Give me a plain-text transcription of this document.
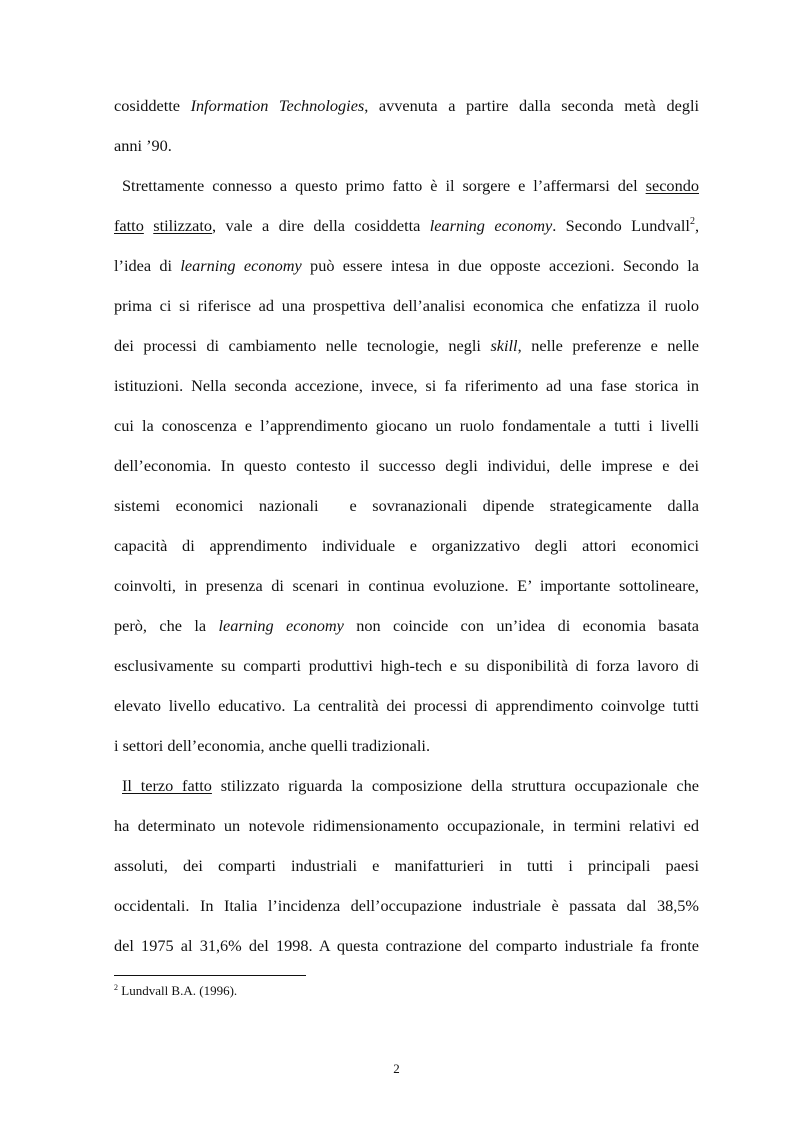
cosiddette Information Technologies, avvenuta a partire dalla seconda metà degli
anni ’90.
Strettamente connesso a questo primo fatto è il sorgere e l’affermarsi del secondo
fatto stilizzato, vale a dire della cosiddetta learning economy. Secondo Lundvall$^2$,
l’idea di learning economy può essere intesa in due opposte accezioni. Secondo la
prima ci si riferisce ad una prospettiva dell’analisi economica che enfatizza il ruolo
dei processi di cambiamento nelle tecnologie, negli skill, nelle preferenze e nelle
istituzioni. Nella seconda accezione, invece, si fa riferimento ad una fase storica in
cui la conoscenza e l’apprendimento giocano un ruolo fondamentale a tutti i livelli
dell’economia. In questo contesto il successo degli individui, delle imprese e dei
sistemi economici nazionali  e sovranazionali dipende strategicamente dalla
capacità di apprendimento individuale e organizzativo degli attori economici
coinvolti, in presenza di scenari in continua evoluzione. E’ importante sottolineare,
però, che la learning economy non coincide con un’idea di economia basata
esclusivamente su comparti produttivi high-tech e su disponibilità di forza lavoro di
elevato livello educativo. La centralità dei processi di apprendimento coinvolge tutti
i settori dell’economia, anche quelli tradizionali.
Il terzo fatto stilizzato riguarda la composizione della struttura occupazionale che
ha determinato un notevole ridimensionamento occupazionale, in termini relativi ed
assoluti, dei comparti industriali e manifatturieri in tutti i principali paesi
occidentali. In Italia l’incidenza dell’occupazione industriale è passata dal 38,5%
del 1975 al 31,6% del 1998. A questa contrazione del comparto industriale fa fronte
$^2$ Lundvall B.A. (1996).
2
